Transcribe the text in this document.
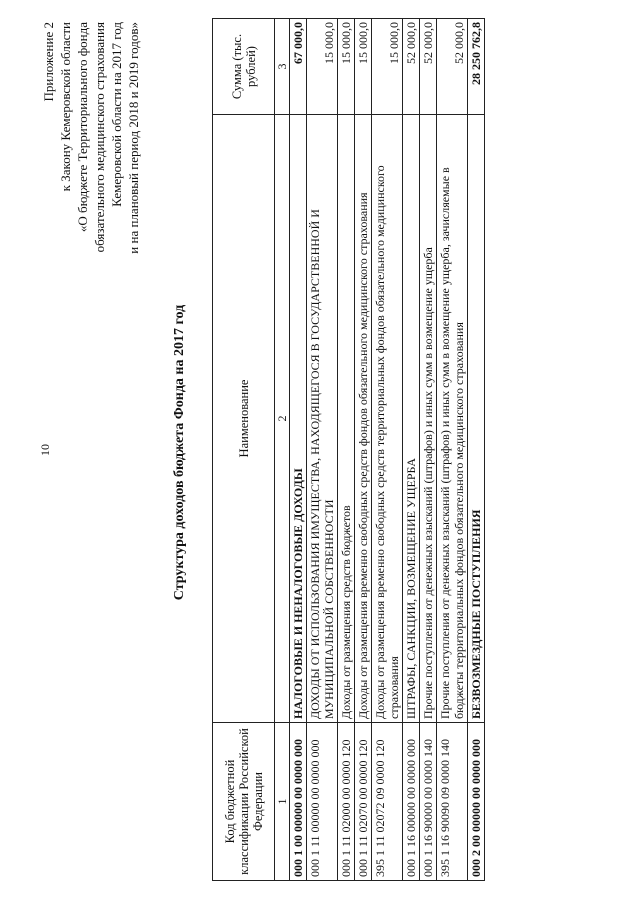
10
Приложение 2 к Закону Кемеровской области «О бюджете Территориального фонда обязательного медицинского страхования Кемеровской области на 2017 год и на плановый период 2018 и 2019 годов»
Структура доходов бюджета Фонда на 2017 год
Код бюджетной классификации Российской Федерации	Наименование	Сумма (тыс. рублей)
1	2	3
000 1 00 00000 00 0000 000	НАЛОГОВЫЕ И НЕНАЛОГОВЫЕ ДОХОДЫ	67 000,0
000 1 11 00000 00 0000 000	ДОХОДЫ ОТ ИСПОЛЬЗОВАНИЯ ИМУЩЕСТВА, НАХОДЯЩЕГОСЯ В ГОСУДАРСТВЕННОЙ И МУНИЦИПАЛЬНОЙ СОБСТВЕННОСТИ	15 000,0
000 1 11 02000 00 0000 120	Доходы от размещения средств бюджетов	15 000,0
000 1 11 02070 00 0000 120	Доходы от размещения временно свободных средств фондов обязательного медицинского страхования	15 000,0
395 1 11 02072 09 0000 120	Доходы от размещения временно свободных средств территориальных фондов обязательного медицинского страхования	15 000,0
000 1 16 00000 00 0000 000	ШТРАФЫ, САНКЦИИ, ВОЗМЕЩЕНИЕ УЩЕРБА	52 000,0
000 1 16 90000 00 0000 140	Прочие поступления от денежных взысканий (штрафов) и иных сумм в возмещение ущерба	52 000,0
395 1 16 90090 09 0000 140	Прочие поступления от денежных взысканий (штрафов) и иных сумм в возмещение ущерба, зачисляемые в бюджеты территориальных фондов обязательного медицинского страхования	52 000,0
000 2 00 00000 00 0000 000	БЕЗВОЗМЕЗДНЫЕ ПОСТУПЛЕНИЯ	28 250 762,8
